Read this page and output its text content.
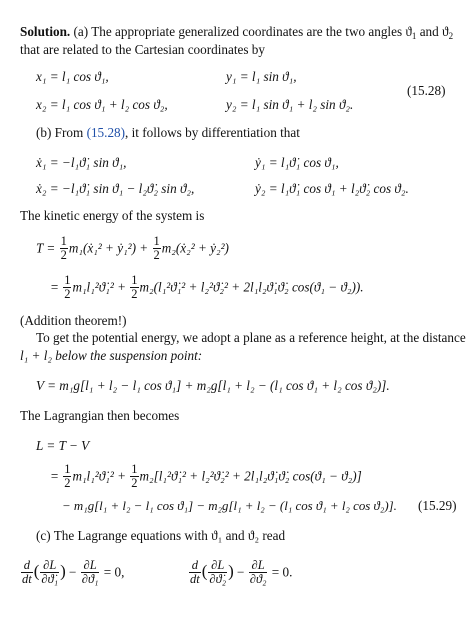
Solution. (a) The appropriate generalized coordinates are the two angles $ϑ_1$ and $ϑ_2$
that are related to the Cartesian coordinates by
x₁ = l₁ cos ϑ₁,	y₁ = l₁ sin ϑ₁,
(15.28)
x₂ = l₁ cos ϑ₁ + l₂ cos ϑ₂,	y₂ = l₁ sin ϑ₁ + l₂ sin ϑ₂.
(b) From (15.28), it follows by differentiation that
ẋ₁ = −l₁ϑ̇₁ sin ϑ₁,	ẏ₁ = l₁ϑ̇₁ cos ϑ₁,
ẋ₂ = −l₁ϑ̇₁ sin ϑ₁ − l₂ϑ̇₂ sin ϑ₂,	ẏ₂ = l₁ϑ̇₁ cos ϑ₁ + l₂ϑ̇₂ cos ϑ₂.
The kinetic energy of the system is
$T = \frac{1}{2}$ m₁(ẋ₁² + ẏ₁²) + $\frac{1}{2}$ m₂(ẋ₂² + ẏ₂²)
= $\frac{1}{2}$ m₁l₁²ϑ̇₁² + $\frac{1}{2}$ m₂(l₁²ϑ̇₁² + l₂²ϑ̇₂² + 2l₁l₂ϑ̇₁ϑ̇₂ cos(ϑ₁ − ϑ₂)).
(Addition theorem!)
To get the potential energy, we adopt a plane as a reference height, at the distance
l₁ + l₂ below the suspension point:
V = m₁g[l₁ + l₂ − l₁ cos ϑ₁] + m₂g[l₁ + l₂ − (l₁ cos ϑ₁ + l₂ cos ϑ₂)].
The Lagrangian then becomes
L = T − V
= $\frac{1}{2}$ m₁l₁²ϑ̇₁² + $\frac{1}{2}$ m₂[l₁²ϑ̇₁² + l₂²ϑ̇₂² + 2l₁l₂ϑ̇₁ϑ̇₂ cos(ϑ₁ − ϑ₂)]
− m₁g[l₁ + l₂ − l₁ cos ϑ₁] − m₂g[l₁ + l₂ − (l₁ cos ϑ₁ + l₂ cos ϑ₂)]. (15.29)
(c) The Lagrange equations with ϑ₁ and ϑ₂ read
$\frac{d}{dt}$ ( $\frac{\partial L}{\text{∂ϑ̇₁}}$ ) − $\frac{\partial L}{\text{∂ϑ₁}} = 0$,	$\frac{d}{dt}$ ( $\frac{\partial L}{\text{∂ϑ̇₂}}$ ) − $\frac{\partial L}{\text{∂ϑ₂}} = 0$.
